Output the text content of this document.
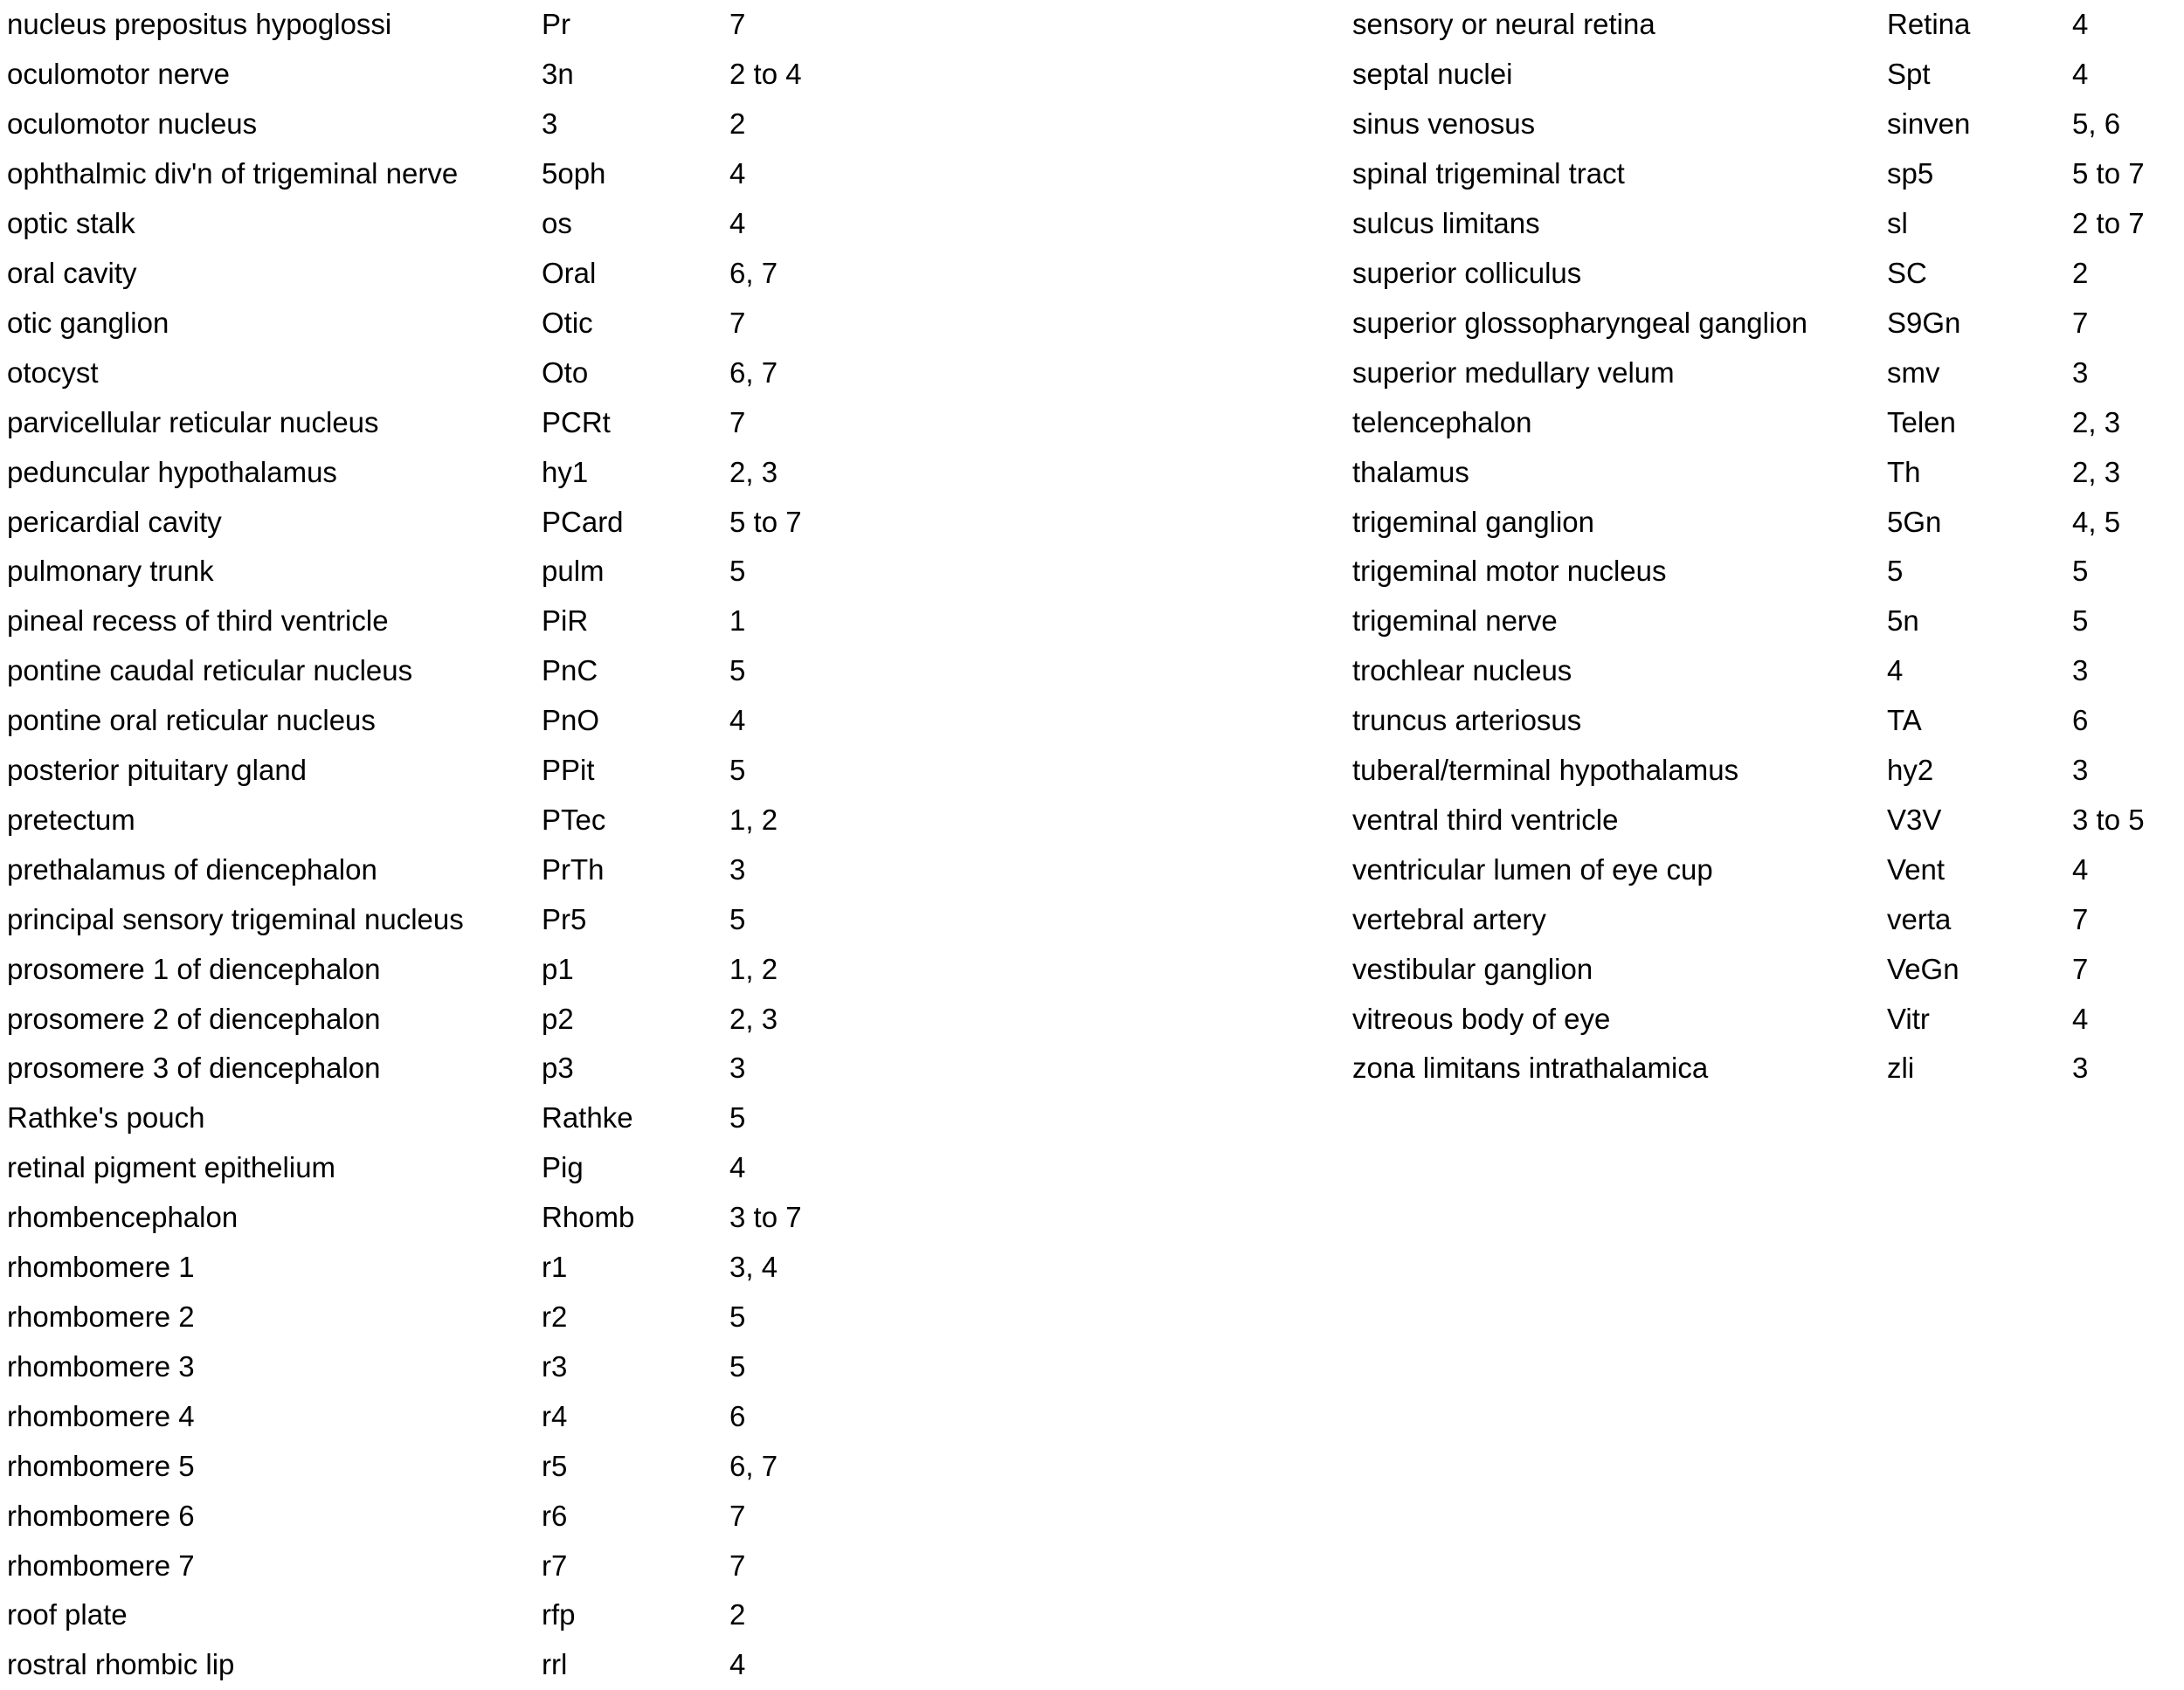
nucleus prepositus hypoglossi	Pr	7
oculomotor nerve	3n	2 to 4
oculomotor nucleus	3	2
ophthalmic div'n of trigeminal nerve	5oph	4
optic stalk	os	4
oral cavity	Oral	6, 7
otic ganglion	Otic	7
otocyst	Oto	6, 7
parvicellular reticular nucleus	PCRt	7
peduncular hypothalamus	hy1	2, 3
pericardial cavity	PCard	5 to 7
pulmonary trunk	pulm	5
pineal recess of third ventricle	PiR	1
pontine caudal reticular nucleus	PnC	5
pontine oral reticular nucleus	PnO	4
posterior pituitary gland	PPit	5
pretectum	PTec	1, 2
prethalamus of diencephalon	PrTh	3
principal sensory trigeminal nucleus	Pr5	5
prosomere 1 of diencephalon	p1	1, 2
prosomere 2 of diencephalon	p2	2, 3
prosomere 3 of diencephalon	p3	3
Rathke's pouch	Rathke	5
retinal pigment epithelium	Pig	4
rhombencephalon	Rhomb	3 to 7
rhombomere 1	r1	3, 4
rhombomere 2	r2	5
rhombomere 3	r3	5
rhombomere 4	r4	6
rhombomere 5	r5	6, 7
rhombomere 6	r6	7
rhombomere 7	r7	7
roof plate	rfp	2
rostral rhombic lip	rrl	4
sensory or neural retina	Retina	4
septal nuclei	Spt	4
sinus venosus	sinven	5, 6
spinal trigeminal tract	sp5	5 to 7
sulcus limitans	sl	2 to 7
superior colliculus	SC	2
superior glossopharyngeal ganglion	S9Gn	7
superior medullary velum	smv	3
telencephalon	Telen	2, 3
thalamus	Th	2, 3
trigeminal ganglion	5Gn	4, 5
trigeminal motor nucleus	5	5
trigeminal nerve	5n	5
trochlear nucleus	4	3
truncus arteriosus	TA	6
tuberal/terminal hypothalamus	hy2	3
ventral third ventricle	V3V	3 to 5
ventricular lumen of eye cup	Vent	4
vertebral artery	verta	7
vestibular ganglion	VeGn	7
vitreous body of eye	Vitr	4
zona limitans intrathalamica	zli	3
